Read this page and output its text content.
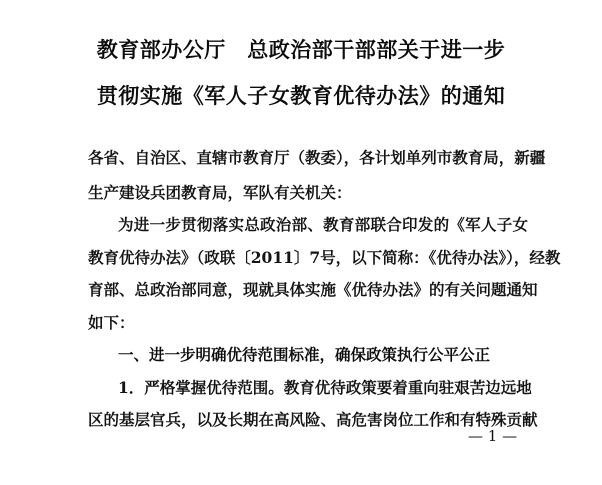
教育部办公厅　总政治部干部部关于进一步
贯彻实施《军人子女教育优待办法》的通知
各省、自治区、直辖市教育厅（教委），各计划单列市教育局，新疆
生产建设兵团教育局，军队有关机关：
为进一步贯彻落实总政治部、教育部联合印发的《军人子女
教育优待办法》（政联〔2011〕7号，以下简称：《优待办法》），经教
育部、总政治部同意，现就具体实施《优待办法》的有关问题通知
如下：
一、进一步明确优待范围标准，确保政策执行公平公正
1．严格掌握优待范围。教育优待政策要着重向驻艰苦边远地
区的基层官兵，以及长期在高风险、高危害岗位工作和有特殊贡献
— 1 —
